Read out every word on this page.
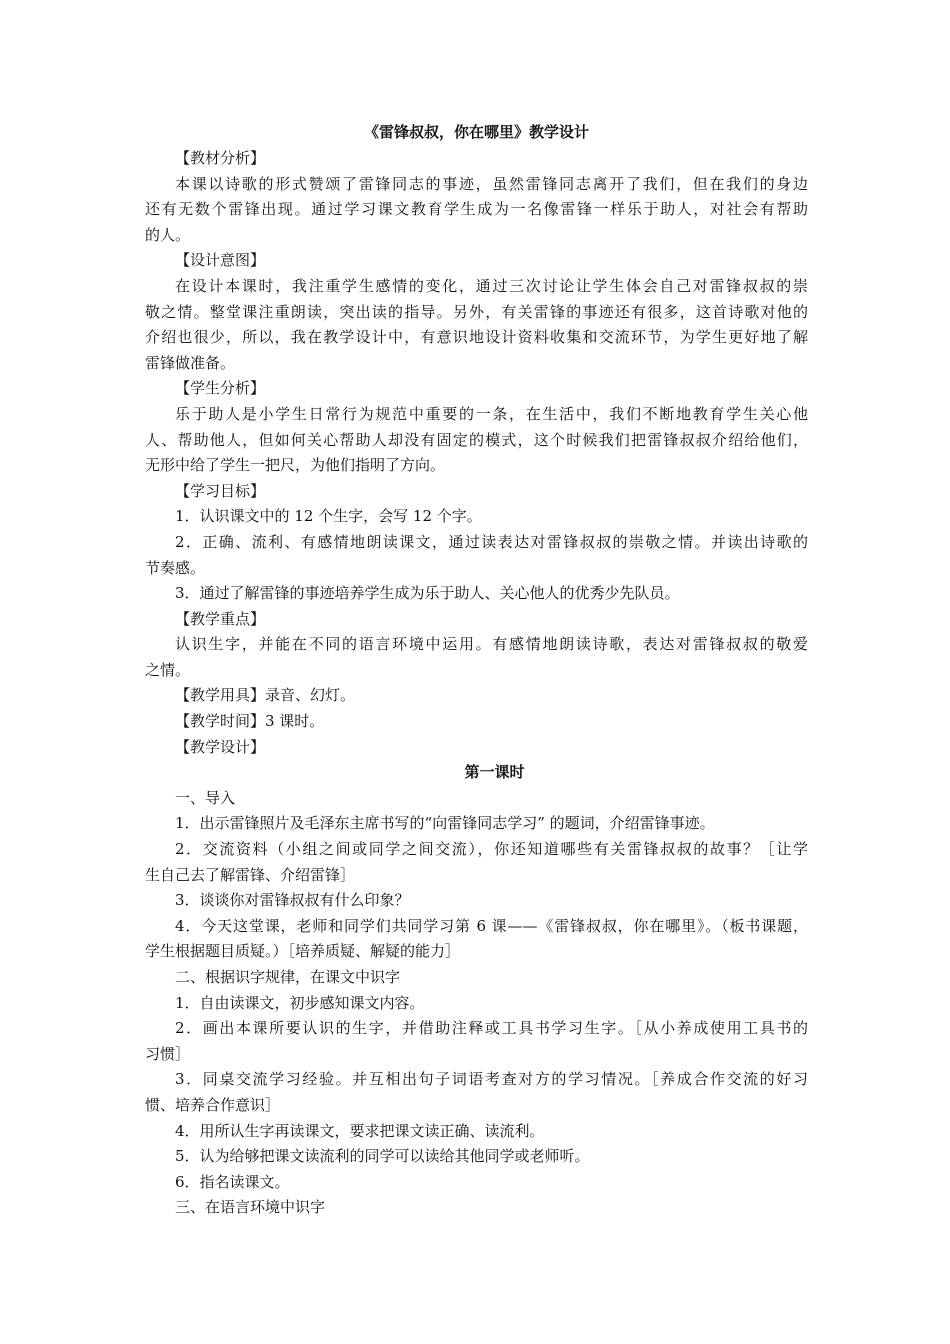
《雷锋叔叔，你在哪里》教学设计
【教材分析】
本课以诗歌的形式赞颂了雷锋同志的事迹，虽然雷锋同志离开了我们，但在我们的身边
还有无数个雷锋出现。通过学习课文教育学生成为一名像雷锋一样乐于助人，对社会有帮助
的人。
【设计意图】
在设计本课时，我注重学生感情的变化，通过三次讨论让学生体会自己对雷锋叔叔的崇
敬之情。整堂课注重朗读，突出读的指导。另外，有关雷锋的事迹还有很多，这首诗歌对他的
介绍也很少，所以，我在教学设计中，有意识地设计资料收集和交流环节，为学生更好地了解
雷锋做准备。
【学生分析】
乐于助人是小学生日常行为规范中重要的一条，在生活中，我们不断地教育学生关心他
人、帮助他人，但如何关心帮助人却没有固定的模式，这个时候我们把雷锋叔叔介绍给他们，
无形中给了学生一把尺，为他们指明了方向。
【学习目标】
1．认识课文中的 12 个生字，会写 12 个字。
2．正确、流利、有感情地朗读课文，通过读表达对雷锋叔叔的崇敬之情。并读出诗歌的
节奏感。
3．通过了解雷锋的事迹培养学生成为乐于助人、关心他人的优秀少先队员。
【教学重点】
认识生字，并能在不同的语言环境中运用。有感情地朗读诗歌，表达对雷锋叔叔的敬爱
之情。
【教学用具】录音、幻灯。
【教学时间】3 课时。
【教学设计】
第一课时
一、导入
1．出示雷锋照片及毛泽东主席书写的“向雷锋同志学习” 的题词，介绍雷锋事迹。
2．交流资料（小组之间或同学之间交流），你还知道哪些有关雷锋叔叔的故事？［让学
生自己去了解雷锋、介绍雷锋］
3．谈谈你对雷锋叔叔有什么印象？
4．今天这堂课，老师和同学们共同学习第 6 课——《雷锋叔叔，你在哪里》。（板书课题，
学生根据题目质疑。）［培养质疑、解疑的能力］
二、根据识字规律，在课文中识字
1．自由读课文，初步感知课文内容。
2．画出本课所要认识的生字，并借助注释或工具书学习生字。［从小养成使用工具书的
习惯］
3．同桌交流学习经验。并互相出句子词语考查对方的学习情况。［养成合作交流的好习
惯、培养合作意识］
4．用所认生字再读课文，要求把课文读正确、读流利。
5．认为给够把课文读流利的同学可以读给其他同学或老师听。
6．指名读课文。
三、在语言环境中识字
